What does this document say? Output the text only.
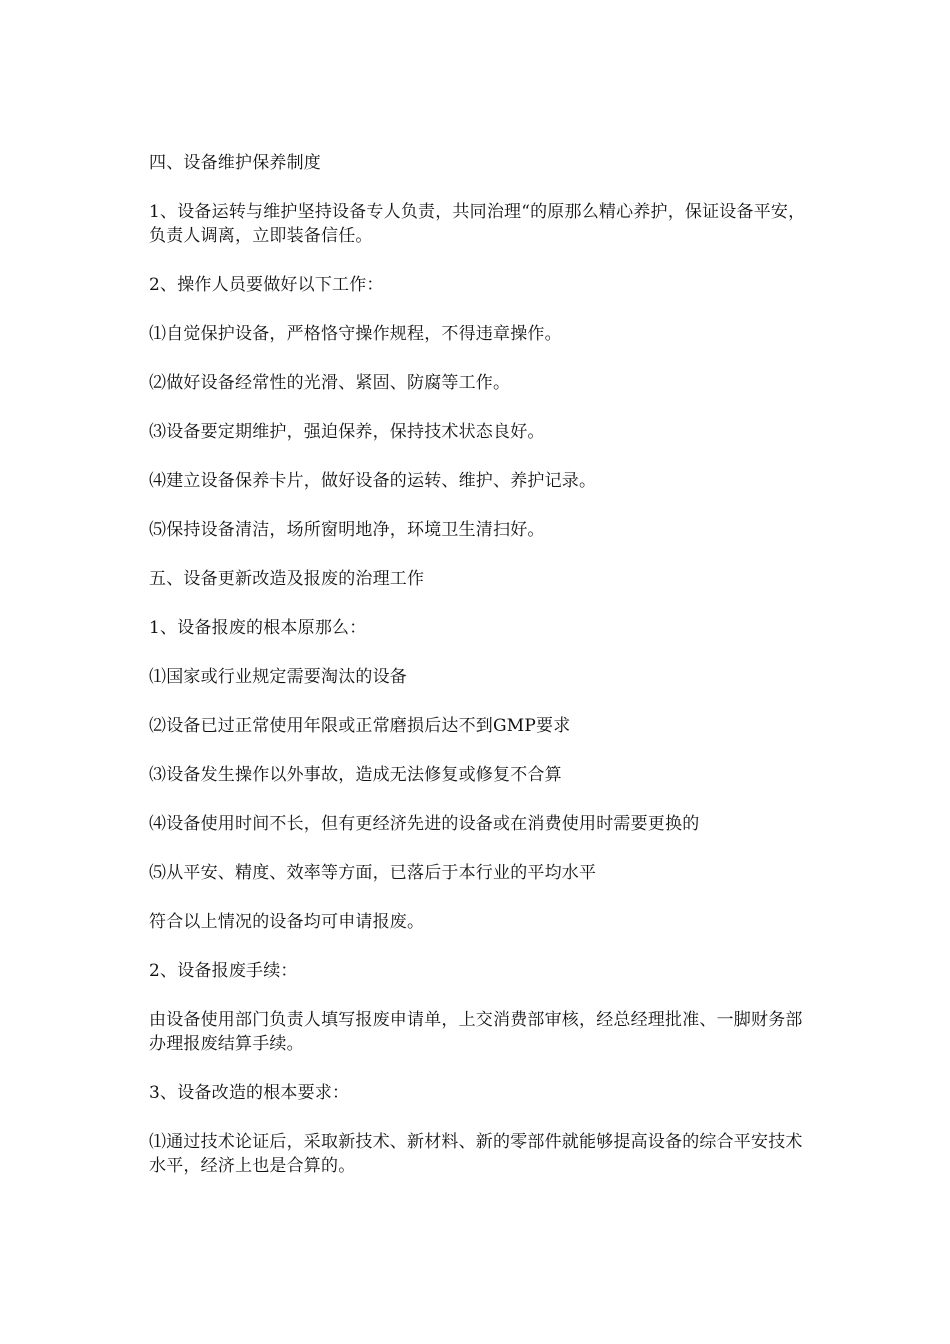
四、设备维护保养制度

1、设备运转与维护坚持设备专人负责，共同治理“的原那么精心养护，保证设备平安，负责人调离，立即装备信任。

2、操作人员要做好以下工作：

⑴自觉保护设备，严格恪守操作规程，不得违章操作。

⑵做好设备经常性的光滑、紧固、防腐等工作。

⑶设备要定期维护，强迫保养，保持技术状态良好。

⑷建立设备保养卡片，做好设备的运转、维护、养护记录。

⑸保持设备清洁，场所窗明地净，环境卫生清扫好。

五、设备更新改造及报废的治理工作

1、设备报废的根本原那么：

⑴国家或行业规定需要淘汰的设备

⑵设备已过正常使用年限或正常磨损后达不到GMP要求

⑶设备发生操作以外事故，造成无法修复或修复不合算

⑷设备使用时间不长，但有更经济先进的设备或在消费使用时需要更换的

⑸从平安、精度、效率等方面，已落后于本行业的平均水平

符合以上情况的设备均可申请报废。

2、设备报废手续：

由设备使用部门负责人填写报废申请单，上交消费部审核，经总经理批准、一脚财务部办理报废结算手续。

3、设备改造的根本要求：

⑴通过技术论证后，采取新技术、新材料、新的零部件就能够提高设备的综合平安技术水平，经济上也是合算的。
